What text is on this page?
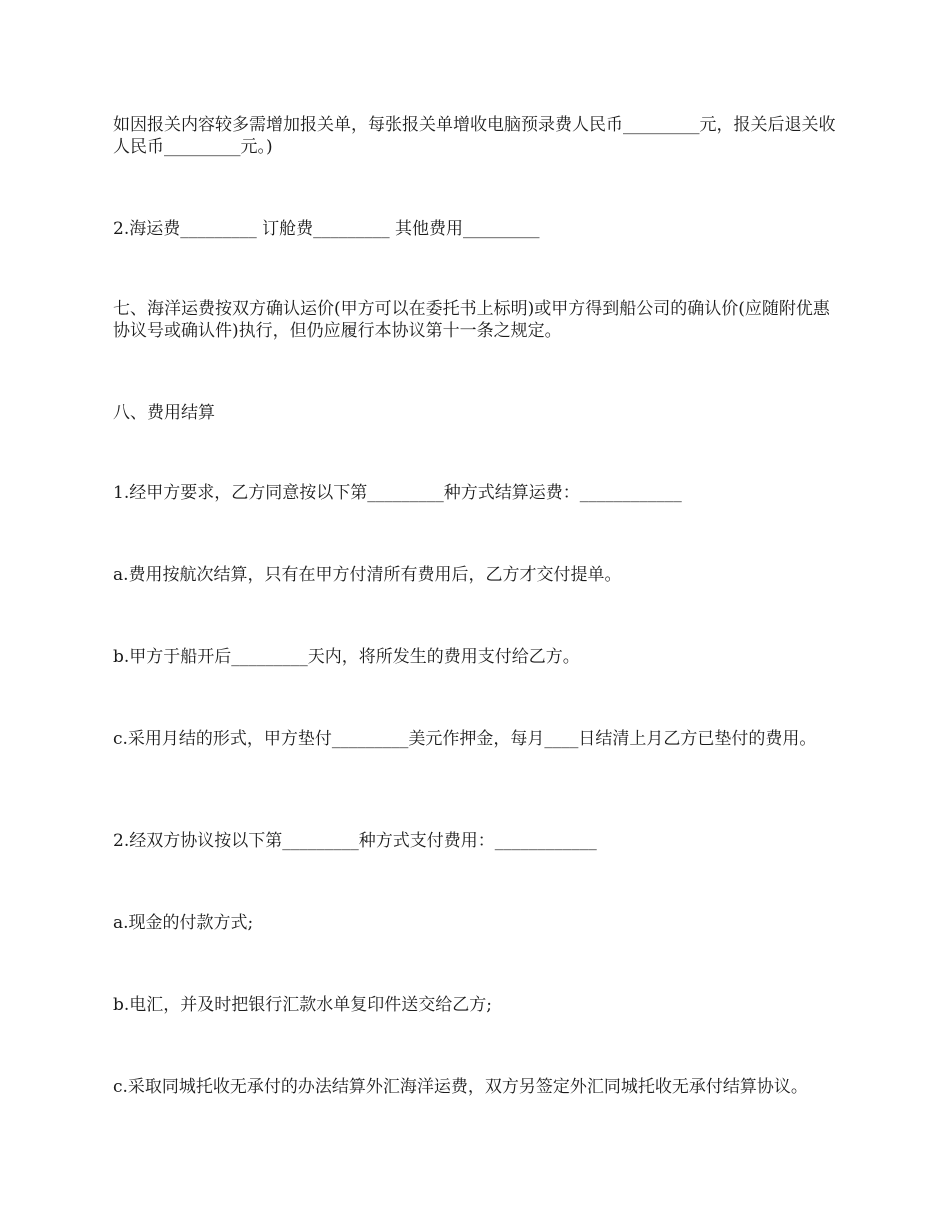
如因报关内容较多需增加报关单，每张报关单增收电脑预录费人民币_________元，报关后退关收人民币_________元。)

2.海运费_________ 订舱费_________ 其他费用_________

七、海洋运费按双方确认运价(甲方可以在委托书上标明)或甲方得到船公司的确认价(应随附优惠协议号或确认件)执行，但仍应履行本协议第十一条之规定。

八、费用结算

1.经甲方要求，乙方同意按以下第_________种方式结算运费：____________

a.费用按航次结算，只有在甲方付清所有费用后，乙方才交付提单。

b.甲方于船开后_________天内，将所发生的费用支付给乙方。

c.采用月结的形式，甲方垫付_________美元作押金，每月____日结清上月乙方已垫付的费用。

2.经双方协议按以下第_________种方式支付费用：____________

a.现金的付款方式;

b.电汇，并及时把银行汇款水单复印件送交给乙方;

c.采取同城托收无承付的办法结算外汇海洋运费，双方另签定外汇同城托收无承付结算协议。
